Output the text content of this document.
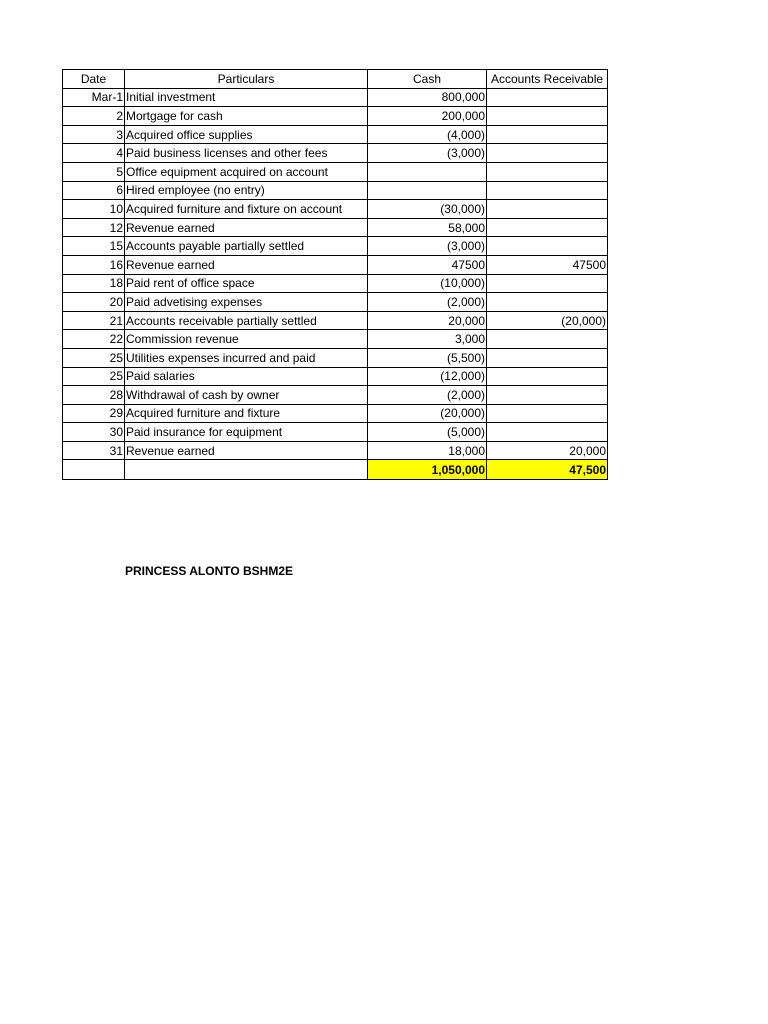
Date	Particulars	Cash	Accounts Receivable
Mar-1	Initial investment	800,000	
2	Mortgage for cash	200,000	
3	Acquired office supplies	(4,000)	
4	Paid business licenses and other fees	(3,000)	
5	Office equipment acquired on account		
6	Hired employee (no entry)		
10	Acquired furniture and fixture on account	(30,000)	
12	Revenue earned	58,000	
15	Accounts payable partially settled	(3,000)	
16	Revenue earned	47500	47500
18	Paid rent of office space	(10,000)	
20	Paid advetising expenses	(2,000)	
21	Accounts receivable partially settled	20,000	(20,000)
22	Commission revenue	3,000	
25	Utilities expenses incurred and paid	(5,500)	
25	Paid salaries	(12,000)	
28	Withdrawal of cash by owner	(2,000)	
29	Acquired furniture and fixture	(20,000)	
30	Paid insurance for equipment	(5,000)	
31	Revenue earned	18,000	20,000
		1,050,000	47,500
PRINCESS ALONTO BSHM2E
